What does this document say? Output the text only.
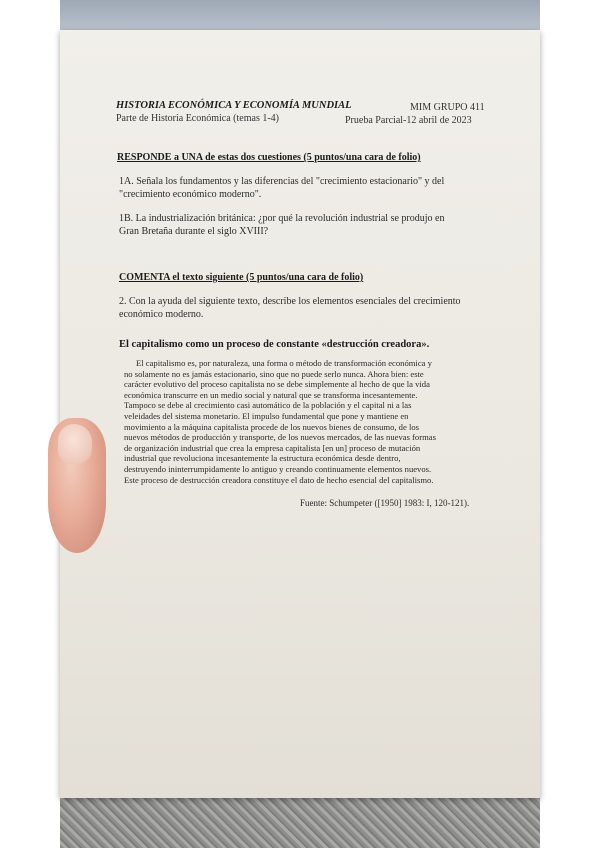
HISTORIA ECONÓMICA Y ECONOMÍA MUNDIAL
Parte de Historia Económica (temas 1-4)
MIM GRUPO 411
Prueba Parcial-12 abril de 2023
RESPONDE a UNA de estas dos cuestiones (5 puntos/una cara de folio)
1A. Señala los fundamentos y las diferencias del "crecimiento estacionario" y del
"crecimiento económico moderno".
1B. La industrialización británica: ¿por qué la revolución industrial se produjo en
Gran Bretaña durante el siglo XVIII?
COMENTA el texto siguiente (5 puntos/una cara de folio)
2. Con la ayuda del siguiente texto, describe los elementos esenciales del crecimiento
económico moderno.
El capitalismo como un proceso de constante «destrucción creadora».
El capitalismo es, por naturaleza, una forma o método de transformación económica y
no solamente no es jamás estacionario, sino que no puede serlo nunca. Ahora bien: este
carácter evolutivo del proceso capitalista no se debe simplemente al hecho de que la vida
económica transcurre en un medio social y natural que se transforma incesantemente.
Tampoco se debe al crecimiento casi automático de la población y el capital ni a las
veleidades del sistema monetario. El impulso fundamental que pone y mantiene en
movimiento a la máquina capitalista procede de los nuevos bienes de consumo, de los
nuevos métodos de producción y transporte, de los nuevos mercados, de las nuevas formas
de organización industrial que crea la empresa capitalista [en un] proceso de mutación
industrial que revoluciona incesantemente la estructura económica desde dentro,
destruyendo ininterrumpidamente lo antiguo y creando continuamente elementos nuevos.
Este proceso de destrucción creadora constituye el dato de hecho esencial del capitalismo.
Fuente: Schumpeter ([1950] 1983: I, 120-121).
